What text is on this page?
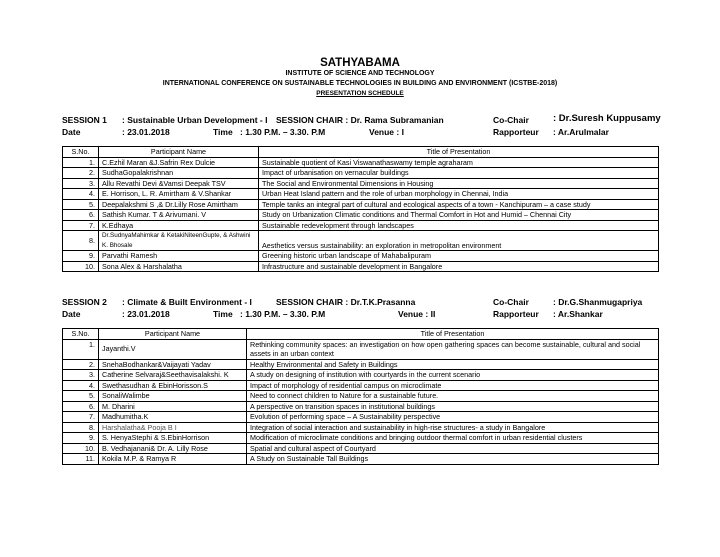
SATHYABAMA
INSTITUTE OF SCIENCE AND TECHNOLOGY
INTERNATIONAL CONFERENCE ON SUSTAINABLE TECHNOLOGIES IN BUILDING AND ENVIRONMENT (ICSTBE-2018)
PRESENTATION SCHEDULE
SESSION 1 : Sustainable Urban Development - I SESSION CHAIR : Dr. Rama Subramanian	Co-Chair	: Dr.Suresh Kuppusamy
Date	: 23.01.2018	Time : 1.30 P.M. – 3.30. P.M	Venue : I	Rapporteur : Ar.Arulmalar
S.No.	Participant Name	Title of Presentation
1.	C.Ezhil Maran &J.Safrin Rex Dulcie	Sustainable quotient of Kasi Viswanathaswamy temple agraharam
2.	SudhaGopalakrishnan	Impact of urbanisation on vernacular buildings
3.	Allu Revathi Devi &Vamsi Deepak TSV	The Social and Environmental Dimensions in Housing
4.	E. Horrison, L. R. Amirtham & V.Shankar	Urban Heat Island pattern and the role of urban morphology in Chennai, India
5.	Deepalakshmi S ,& Dr.Lilly Rose Amirtham	Temple tanks an integral part of cultural and ecological aspects of a town - Kanchipuram – a case study
6.	Sathish Kumar. T & Arivumani. V	Study on Urbanization Climatic conditions and Thermal Comfort in Hot and Humid – Chennai City
7.	K.Edhaya	Sustainable redevelopment through landscapes
8.	Dr.SudnyaMahimkar & KetakiNiteenGupte, & Ashwini K. Bhosale	Aesthetics versus sustainability: an exploration in metropolitan environment
9.	Parvathi Ramesh	Greening historic urban landscape of Mahabalipuram
10.	Sona Alex & Harshalatha	Infrastructure and sustainable development in Bangalore
SESSION 2 : Climate & Built Environment - I	SESSION CHAIR : Dr.T.K.Prasanna	Co-Chair	: Dr.G.Shanmugapriya
Date	: 23.01.2018	Time : 1.30 P.M. – 3.30. P.M	Venue : II	Rapporteur : Ar.Shankar
S.No.	Participant Name	Title of Presentation
1.	Jayanthi.V	Rethinking community spaces: an investigation on how open gathering spaces can become sustainable, cultural and social assets in an urban context
2.	SnehaBodhankar&Vaijayati Yadav	Healthy Environmental and Safety in Buildings
3.	Catherine Selvaraj&Seethavisalakshi. K	A study on designing of institution with courtyards in the current scenario
4.	Swethasudhan & EbinHorisson.S	Impact of morphology of residential campus on microclimate
5.	SonaliWalimbe	Need to connect children to Nature for a sustainable future.
6.	M. Dharini	A perspective on transition spaces in institutional buildings
7.	Madhumitha.K	Evolution of performing space – A Sustainability perspective
8.	Harshalatha& Pooja B I	Integration of social interaction and sustainability in high-rise structures- a study in Bangalore
9.	S. HenyaStephi & S.EbinHorrison	Modification of microclimate conditions and bringing outdoor thermal comfort in urban residential clusters
10.	B. Vedhajanani& Dr. A. Lilly Rose	Spatial and cultural aspect of Courtyard
11.	Kokila M.P. & Ramya R	A Study on Sustainable Tall Buildings
